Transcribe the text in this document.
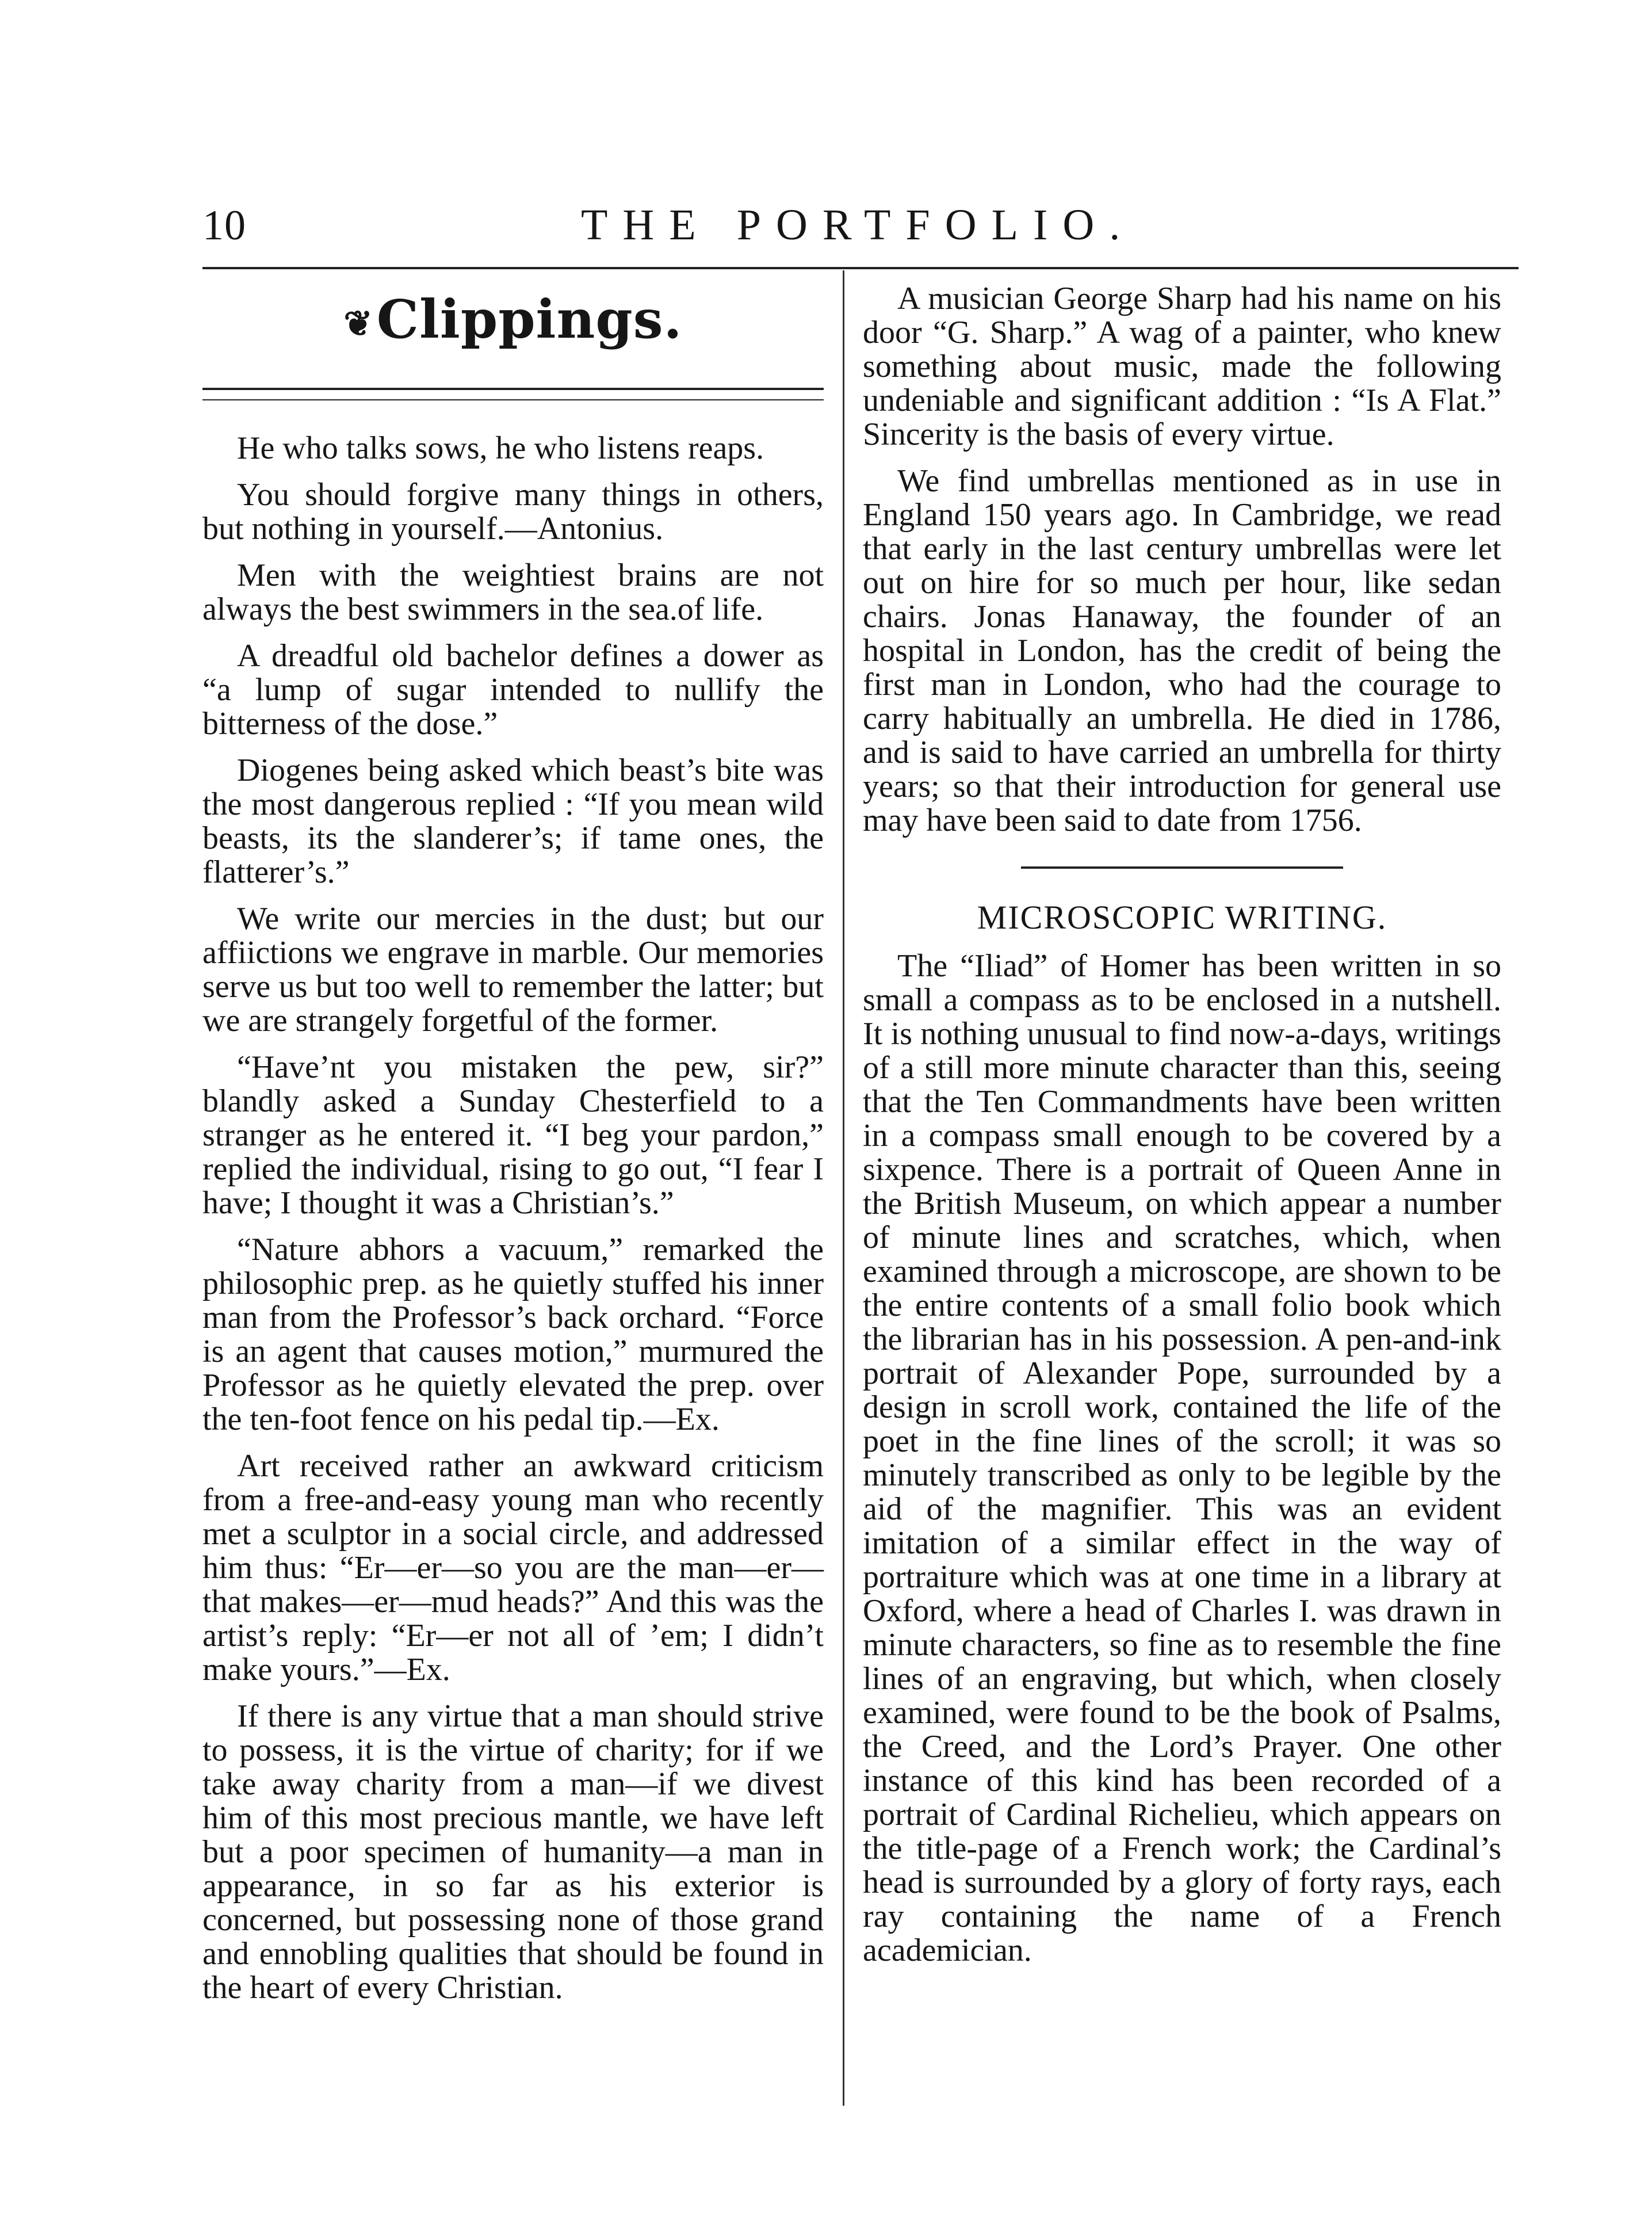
10	THE PORTFOLIO.
❦Clippings.

He who talks sows, he who listens reaps.

You should forgive many things in others, but nothing in yourself.—Antonius.

Men with the weightiest brains are not always the best swimmers in the sea.of life.

A dreadful old bachelor defines a dower as “a lump of sugar intended to nullify the bitterness of the dose.”

Diogenes being asked which beast’s bite was the most dangerous replied : “If you mean wild beasts, its the slanderer’s; if tame ones, the flatterer’s.”

We write our mercies in the dust; but our affiictions we engrave in marble. Our memories serve us but too well to remember the latter; but we are strangely forgetful of the former.

“Have’nt you mistaken the pew, sir?” blandly asked a Sunday Chesterfield to a stranger as he entered it. “I beg your pardon,” replied the individual, rising to go out, “I fear I have; I thought it was a Christian’s.”

“Nature abhors a vacuum,” remarked the philosophic prep. as he quietly stuffed his inner man from the Professor’s back orchard. “Force is an agent that causes motion,” murmured the Professor as he quietly elevated the prep. over the ten-foot fence on his pedal tip.—Ex.

Art received rather an awkward criticism from a free-and-easy young man who recently met a sculptor in a social circle, and addressed him thus: “Er—er—so you are the man—er—that makes—er—mud heads?” And this was the artist’s reply: “Er—er not all of ’em; I didn’t make yours.”—Ex.

If there is any virtue that a man should strive to possess, it is the virtue of charity; for if we take away charity from a man—if we divest him of this most precious mantle, we have left but a poor specimen of humanity—a man in appearance, in so far as his exterior is concerned, but possessing none of those grand and ennobling qualities that should be found in the heart of every Christian.

A musician George Sharp had his name on his door “G. Sharp.” A wag of a painter, who knew something about music, made the following undeniable and significant addition : “Is A Flat.” Sincerity is the basis of every virtue.

We find umbrellas mentioned as in use in England 150 years ago. In Cambridge, we read that early in the last century umbrellas were let out on hire for so much per hour, like sedan chairs. Jonas Hanaway, the founder of an hospital in London, has the credit of being the first man in London, who had the courage to carry habitually an umbrella. He died in 1786, and is said to have carried an umbrella for thirty years; so that their introduction for general use may have been said to date from 1756.

MICROSCOPIC WRITING.

The “Iliad” of Homer has been written in so small a compass as to be enclosed in a nutshell. It is nothing unusual to find now-a-days, writings of a still more minute character than this, seeing that the Ten Commandments have been written in a compass small enough to be covered by a sixpence. There is a portrait of Queen Anne in the British Museum, on which appear a number of minute lines and scratches, which, when examined through a microscope, are shown to be the entire contents of a small folio book which the librarian has in his possession. A pen-and-ink portrait of Alexander Pope, surrounded by a design in scroll work, contained the life of the poet in the fine lines of the scroll; it was so minutely transcribed as only to be legible by the aid of the magnifier. This was an evident imitation of a similar effect in the way of portraiture which was at one time in a library at Oxford, where a head of Charles I. was drawn in minute characters, so fine as to resemble the fine lines of an engraving, but which, when closely examined, were found to be the book of Psalms, the Creed, and the Lord’s Prayer. One other instance of this kind has been recorded of a portrait of Cardinal Richelieu, which appears on the title-page of a French work; the Cardinal’s head is surrounded by a glory of forty rays, each ray containing the name of a French academician.
